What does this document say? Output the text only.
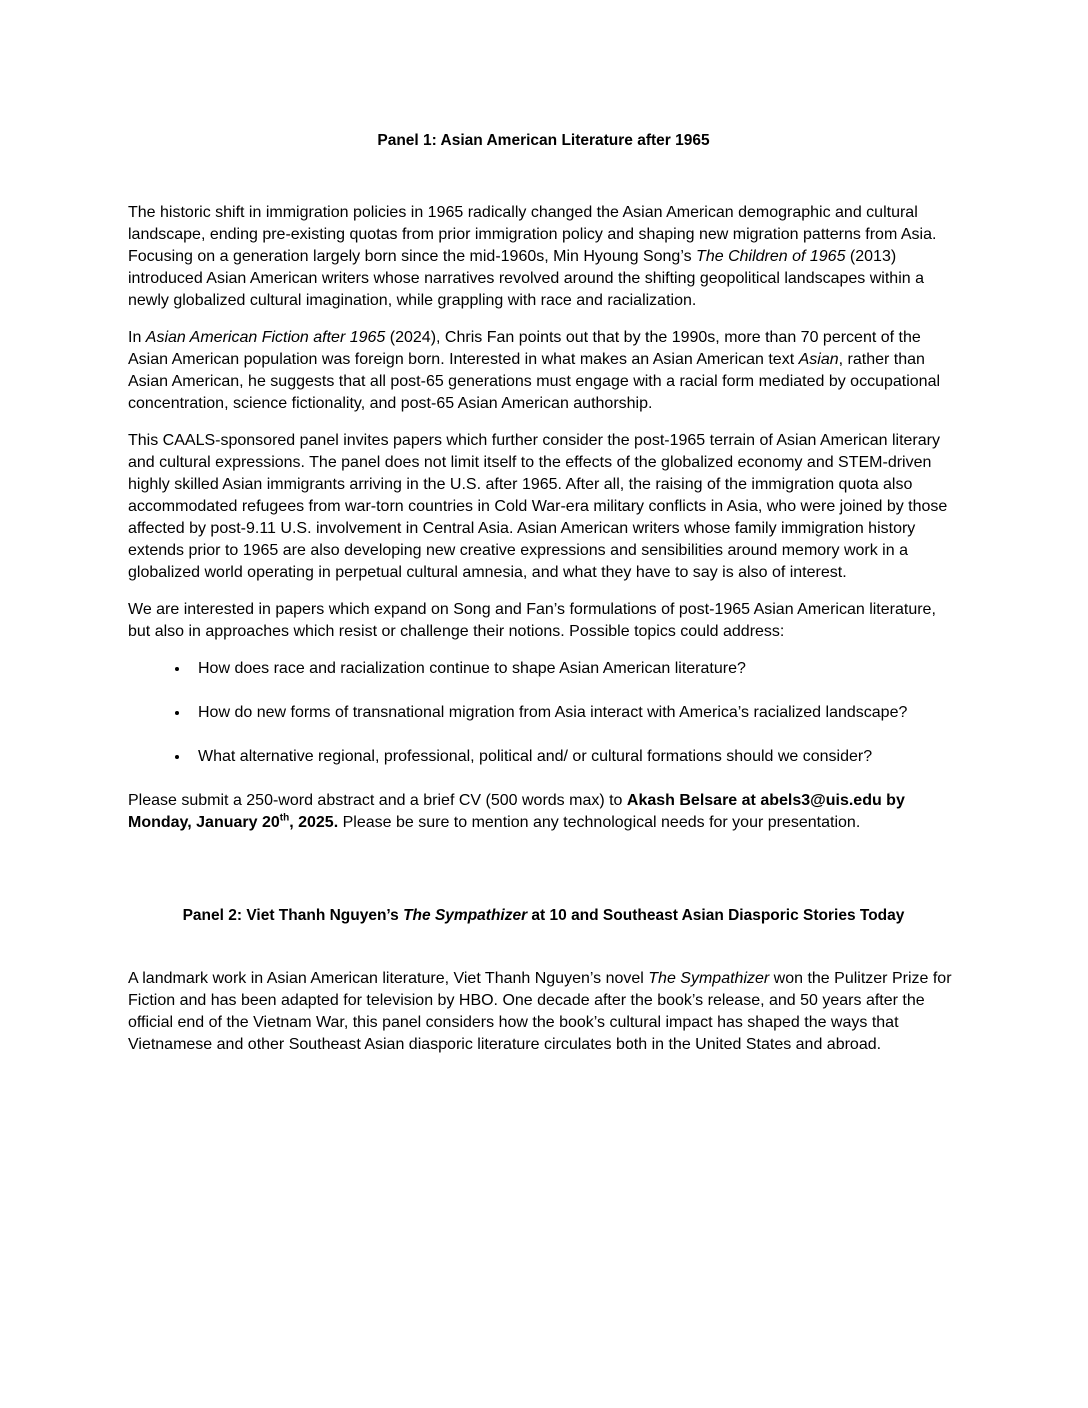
Panel 1: Asian American Literature after 1965

The historic shift in immigration policies in 1965 radically changed the Asian American demographic and cultural landscape, ending pre-existing quotas from prior immigration policy and shaping new migration patterns from Asia. Focusing on a generation largely born since the mid-1960s, Min Hyoung Song’s The Children of 1965 (2013) introduced Asian American writers whose narratives revolved around the shifting geopolitical landscapes within a newly globalized cultural imagination, while grappling with race and racialization.

In Asian American Fiction after 1965 (2024), Chris Fan points out that by the 1990s, more than 70 percent of the Asian American population was foreign born. Interested in what makes an Asian American text Asian, rather than Asian American, he suggests that all post-65 generations must engage with a racial form mediated by occupational concentration, science fictionality, and post-65 Asian American authorship.

This CAALS-sponsored panel invites papers which further consider the post-1965 terrain of Asian American literary and cultural expressions. The panel does not limit itself to the effects of the globalized economy and STEM-driven highly skilled Asian immigrants arriving in the U.S. after 1965. After all, the raising of the immigration quota also accommodated refugees from war-torn countries in Cold War-era military conflicts in Asia, who were joined by those affected by post-9.11 U.S. involvement in Central Asia. Asian American writers whose family immigration history extends prior to 1965 are also developing new creative expressions and sensibilities around memory work in a globalized world operating in perpetual cultural amnesia, and what they have to say is also of interest.

We are interested in papers which expand on Song and Fan’s formulations of post-1965 Asian American literature, but also in approaches which resist or challenge their notions. Possible topics could address:

• How does race and racialization continue to shape Asian American literature?
• How do new forms of transnational migration from Asia interact with America’s racialized landscape?
• What alternative regional, professional, political and/ or cultural formations should we consider?

Please submit a 250-word abstract and a brief CV (500 words max) to Akash Belsare at abels3@uis.edu by Monday, January 20th, 2025. Please be sure to mention any technological needs for your presentation.

Panel 2: Viet Thanh Nguyen’s The Sympathizer at 10 and Southeast Asian Diasporic Stories Today

A landmark work in Asian American literature, Viet Thanh Nguyen’s novel The Sympathizer won the Pulitzer Prize for Fiction and has been adapted for television by HBO. One decade after the book’s release, and 50 years after the official end of the Vietnam War, this panel considers how the book’s cultural impact has shaped the ways that Vietnamese and other Southeast Asian diasporic literature circulates both in the United States and abroad.
